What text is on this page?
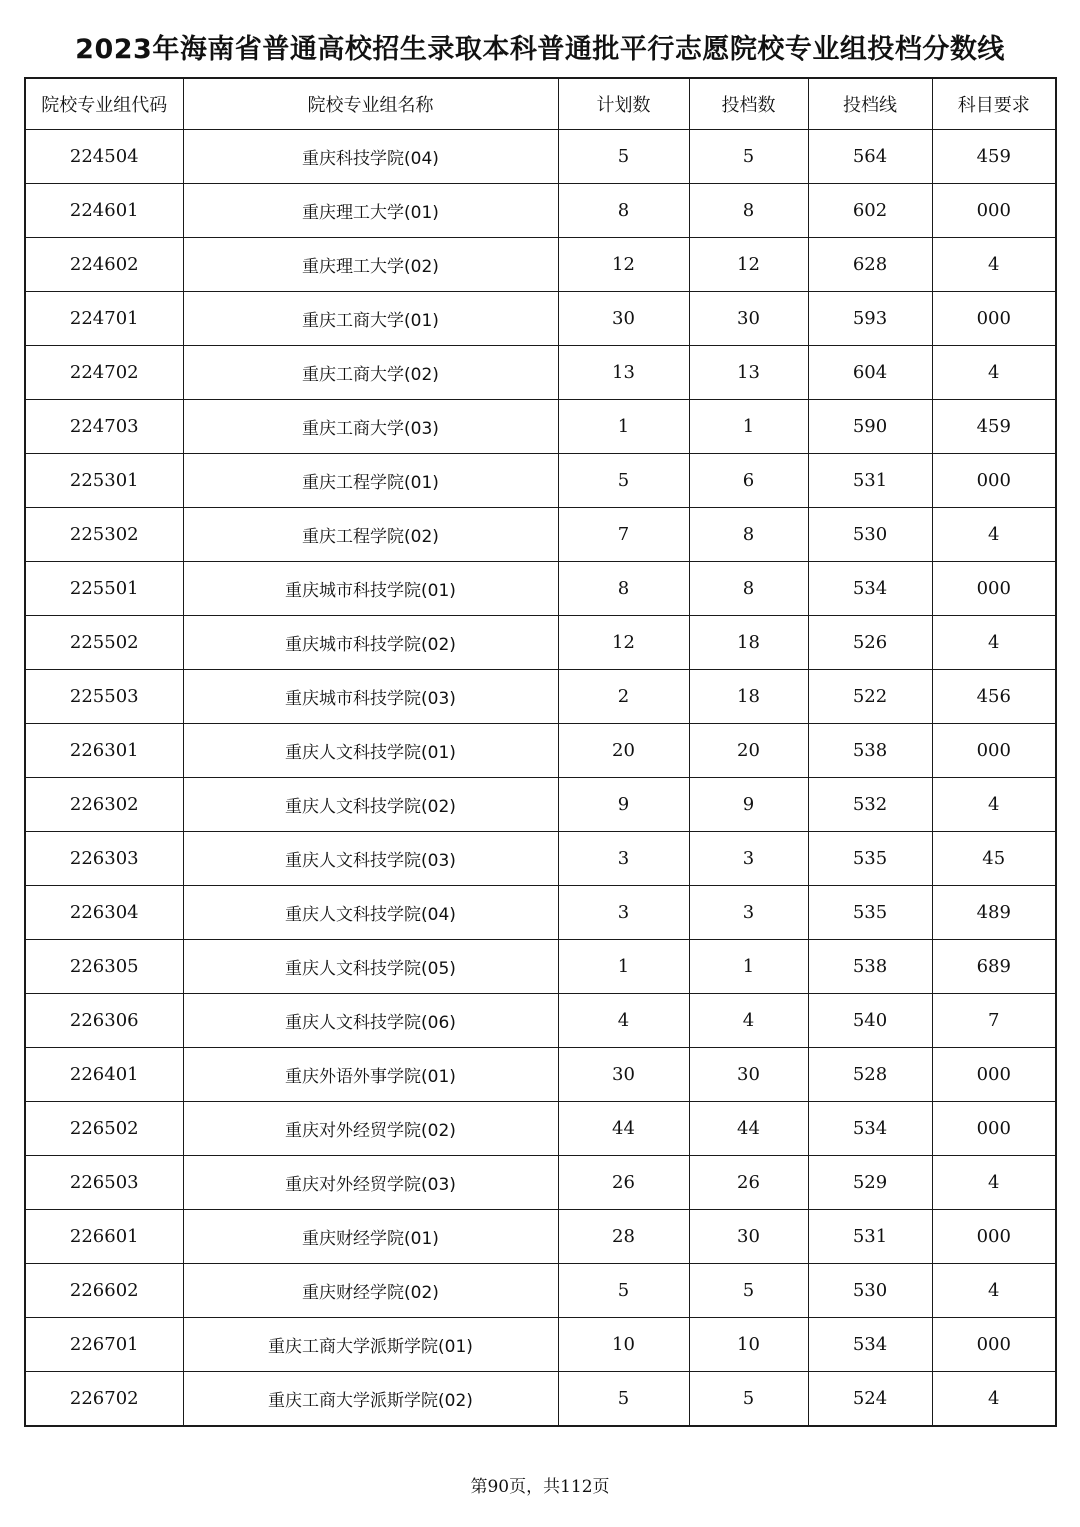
2023年海南省普通高校招生录取本科普通批平行志愿院校专业组投档分数线
院校专业组代码	院校专业组名称	计划数	投档数	投档线	科目要求
224504	重庆科技学院(04)	5	5	564	459
224601	重庆理工大学(01)	8	8	602	000
224602	重庆理工大学(02)	12	12	628	4
224701	重庆工商大学(01)	30	30	593	000
224702	重庆工商大学(02)	13	13	604	4
224703	重庆工商大学(03)	1	1	590	459
225301	重庆工程学院(01)	5	6	531	000
225302	重庆工程学院(02)	7	8	530	4
225501	重庆城市科技学院(01)	8	8	534	000
225502	重庆城市科技学院(02)	12	18	526	4
225503	重庆城市科技学院(03)	2	18	522	456
226301	重庆人文科技学院(01)	20	20	538	000
226302	重庆人文科技学院(02)	9	9	532	4
226303	重庆人文科技学院(03)	3	3	535	45
226304	重庆人文科技学院(04)	3	3	535	489
226305	重庆人文科技学院(05)	1	1	538	689
226306	重庆人文科技学院(06)	4	4	540	7
226401	重庆外语外事学院(01)	30	30	528	000
226502	重庆对外经贸学院(02)	44	44	534	000
226503	重庆对外经贸学院(03)	26	26	529	4
226601	重庆财经学院(01)	28	30	531	000
226602	重庆财经学院(02)	5	5	530	4
226701	重庆工商大学派斯学院(01)	10	10	534	000
226702	重庆工商大学派斯学院(02)	5	5	524	4
第90页，共112页
